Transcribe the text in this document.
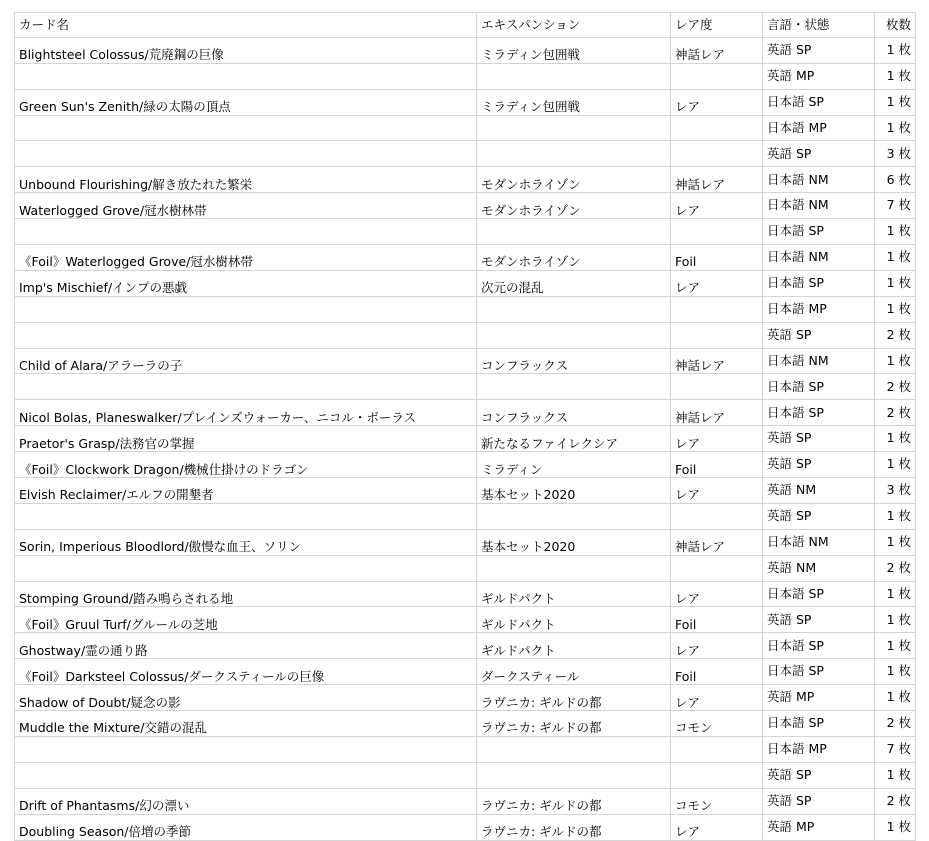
カード名	エキスパンション	レア度	言語・状態	枚数
Blightsteel Colossus/荒廃鋼の巨像	ミラディン包囲戦	神話レア	英語 SP	1 枚
			英語 MP	1 枚
Green Sun's Zenith/緑の太陽の頂点	ミラディン包囲戦	レア	日本語 SP	1 枚
			日本語 MP	1 枚
			英語 SP	3 枚
Unbound Flourishing/解き放たれた繁栄	モダンホライゾン	神話レア	日本語 NM	6 枚
Waterlogged Grove/冠水樹林帯	モダンホライゾン	レア	日本語 NM	7 枚
			日本語 SP	1 枚
《Foil》Waterlogged Grove/冠水樹林帯	モダンホライゾン	Foil	日本語 NM	1 枚
Imp's Mischief/インプの悪戯	次元の混乱	レア	日本語 SP	1 枚
			日本語 MP	1 枚
			英語 SP	2 枚
Child of Alara/アラーラの子	コンフラックス	神話レア	日本語 NM	1 枚
			日本語 SP	2 枚
Nicol Bolas, Planeswalker/プレインズウォーカー、ニコル・ボーラス	コンフラックス	神話レア	日本語 SP	2 枚
Praetor's Grasp/法務官の掌握	新たなるファイレクシア	レア	英語 SP	1 枚
《Foil》Clockwork Dragon/機械仕掛けのドラゴン	ミラディン	Foil	英語 SP	1 枚
Elvish Reclaimer/エルフの開墾者	基本セット2020	レア	英語 NM	3 枚
			英語 SP	1 枚
Sorin, Imperious Bloodlord/傲慢な血王、ソリン	基本セット2020	神話レア	日本語 NM	1 枚
			英語 NM	2 枚
Stomping Ground/踏み鳴らされる地	ギルドパクト	レア	日本語 SP	1 枚
《Foil》Gruul Turf/グルールの芝地	ギルドパクト	Foil	英語 SP	1 枚
Ghostway/霊の通り路	ギルドパクト	レア	日本語 SP	1 枚
《Foil》Darksteel Colossus/ダークスティールの巨像	ダークスティール	Foil	日本語 SP	1 枚
Shadow of Doubt/疑念の影	ラヴニカ: ギルドの都	レア	英語 MP	1 枚
Muddle the Mixture/交錯の混乱	ラヴニカ: ギルドの都	コモン	日本語 SP	2 枚
			日本語 MP	7 枚
			英語 SP	1 枚
Drift of Phantasms/幻の漂い	ラヴニカ: ギルドの都	コモン	英語 SP	2 枚
Doubling Season/倍増の季節	ラヴニカ: ギルドの都	レア	英語 MP	1 枚
